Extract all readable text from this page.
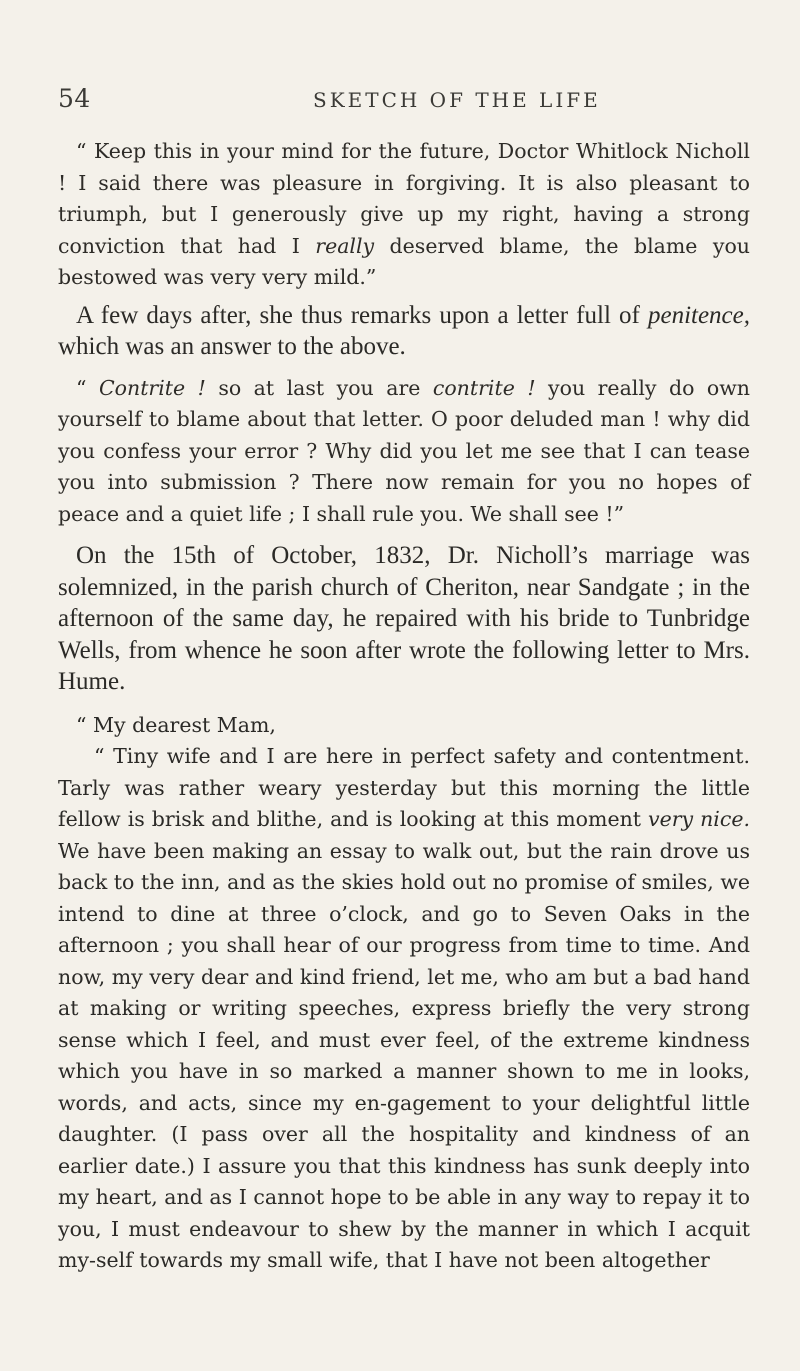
54	SKETCH OF THE LIFE

“ Keep this in your mind for the future, Doctor Whitlock Nicholl ! I said there was pleasure in forgiving. It is also pleasant to triumph, but I generously give up my right, having a strong conviction that had I really deserved blame, the blame you bestowed was very very mild.”

A few days after, she thus remarks upon a letter full of penitence, which was an answer to the above.

“ Contrite ! so at last you are contrite ! you really do own yourself to blame about that letter. O poor deluded man ! why did you confess your error ? Why did you let me see that I can tease you into submission ? There now remain for you no hopes of peace and a quiet life ; I shall rule you. We shall see !”

On the 15th of October, 1832, Dr. Nicholl’s marriage was solemnized, in the parish church of Cheriton, near Sandgate ; in the afternoon of the same day, he repaired with his bride to Tunbridge Wells, from whence he soon after wrote the following letter to Mrs. Hume.

“ My dearest Mam,

“ Tiny wife and I are here in perfect safety and contentment. Tarly was rather weary yesterday but this morning the little fellow is brisk and blithe, and is looking at this moment very nice. We have been making an essay to walk out, but the rain drove us back to the inn, and as the skies hold out no promise of smiles, we intend to dine at three o’clock, and go to Seven Oaks in the afternoon ; you shall hear of our progress from time to time. And now, my very dear and kind friend, let me, who am but a bad hand at making or writing speeches, express briefly the very strong sense which I feel, and must ever feel, of the extreme kindness which you have in so marked a manner shown to me in looks, words, and acts, since my en-gagement to your delightful little daughter. (I pass over all the hospitality and kindness of an earlier date.) I assure you that this kindness has sunk deeply into my heart, and as I cannot hope to be able in any way to repay it to you, I must endeavour to shew by the manner in which I acquit my-self towards my small wife, that I have not been altogether
